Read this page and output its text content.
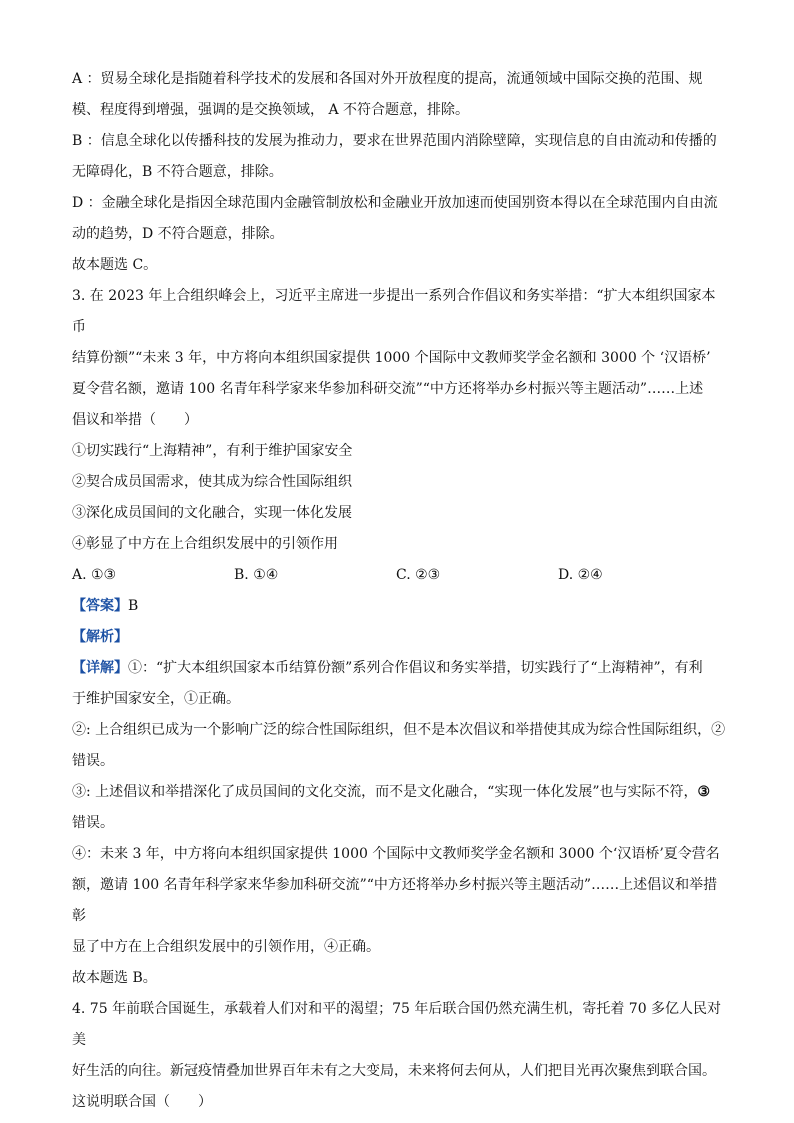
A ：贸易全球化是指随着科学技术的发展和各国对外开放程度的提高，流通领域中国际交换的范围、规

模、程度得到增强，强调的是交换领域， A 不符合题意，排除。

B ：信息全球化以传播科技的发展为推动力，要求在世界范围内消除壁障，实现信息的自由流动和传播的

无障碍化，B 不符合题意，排除。

D ：金融全球化是指因全球范围内金融管制放松和金融业开放加速而使国别资本得以在全球范围内自由流

动的趋势，D 不符合题意，排除。

故本题选 C。

3. 在 2023 年上合组织峰会上，习近平主席进一步提出一系列合作倡议和务实举措：“扩大本组织国家本币

结算份额”“未来 3 年，中方将向本组织国家提供 1000 个国际中文教师奖学金名额和 3000 个 ‘汉语桥’

夏令营名额，邀请 100 名青年科学家来华参加科研交流”“中方还将举办乡村振兴等主题活动”……上述

倡议和举措（　　）

①切实践行“上海精神”，有利于维护国家安全

②契合成员国需求，使其成为综合性国际组织

③深化成员国间的文化融合，实现一体化发展

④彰显了中方在上合组织发展中的引领作用

A. ①③	B. ①④	C. ②③	D. ②④

【答案】B

【解析】

【详解】①：“扩大本组织国家本币结算份额”系列合作倡议和务实举措，切实践行了“上海精神”，有利

于维护国家安全，①正确。

②: 上合组织已成为一个影响广泛的综合性国际组织，但不是本次倡议和举措使其成为综合性国际组织，②

错误。

③: 上述倡议和举措深化了成员国间的文化交流，而不是文化融合，“实现一体化发展”也与实际不符，③

错误。

④：未来 3 年，中方将向本组织国家提供 1000 个国际中文教师奖学金名额和 3000 个‘汉语桥’夏令营名

额，邀请 100 名青年科学家来华参加科研交流”“中方还将举办乡村振兴等主题活动”……上述倡议和举措彰

显了中方在上合组织发展中的引领作用，④正确。

故本题选 B。

4. 75 年前联合国诞生，承载着人们对和平的渴望；75 年后联合国仍然充满生机，寄托着 70 多亿人民对美

好生活的向往。新冠疫情叠加世界百年未有之大变局，未来将何去何从，人们把目光再次聚焦到联合国。

这说明联合国（　　）
